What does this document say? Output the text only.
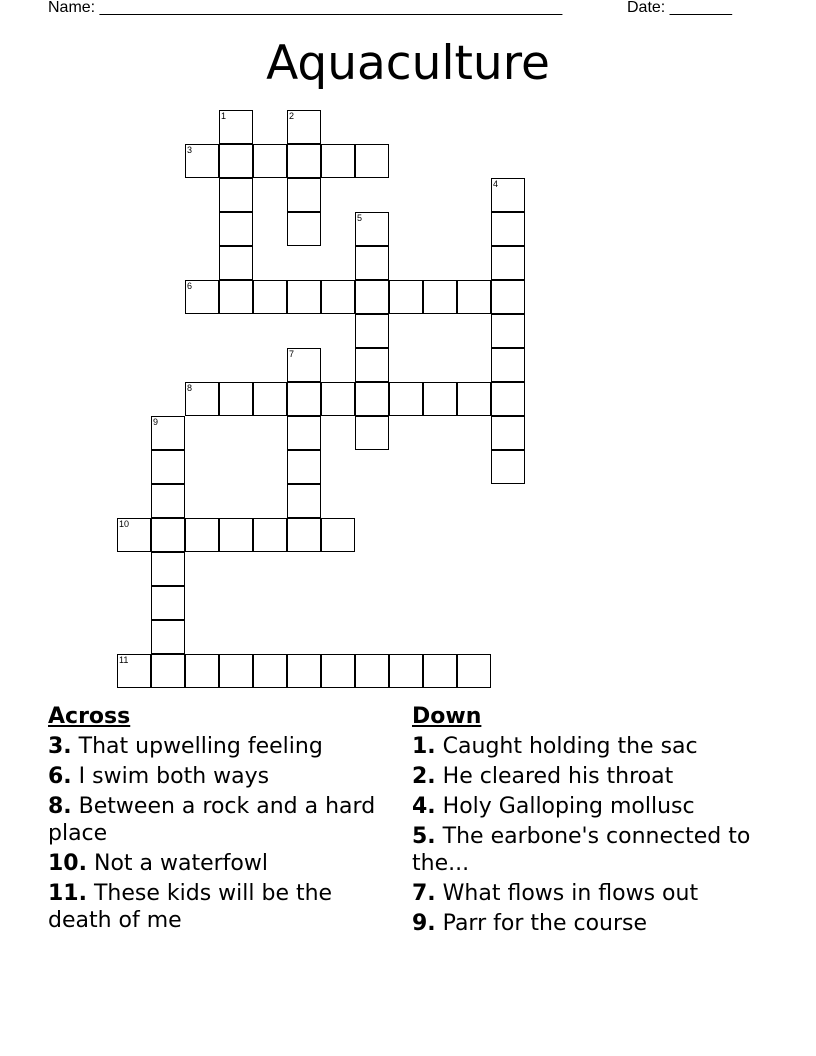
Name: ____________________________________________________	Date: _______
Aquaculture
1	2
3
4
5
6
7
8
9
10
11
Across
3. That upwelling feeling
6. I swim both ways
8. Between a rock and a hard place
10. Not a waterfowl
11. These kids will be the death of me
Down
1. Caught holding the sac
2. He cleared his throat
4. Holy Galloping mollusc
5. The earbone's connected to the...
7. What flows in flows out
9. Parr for the course
